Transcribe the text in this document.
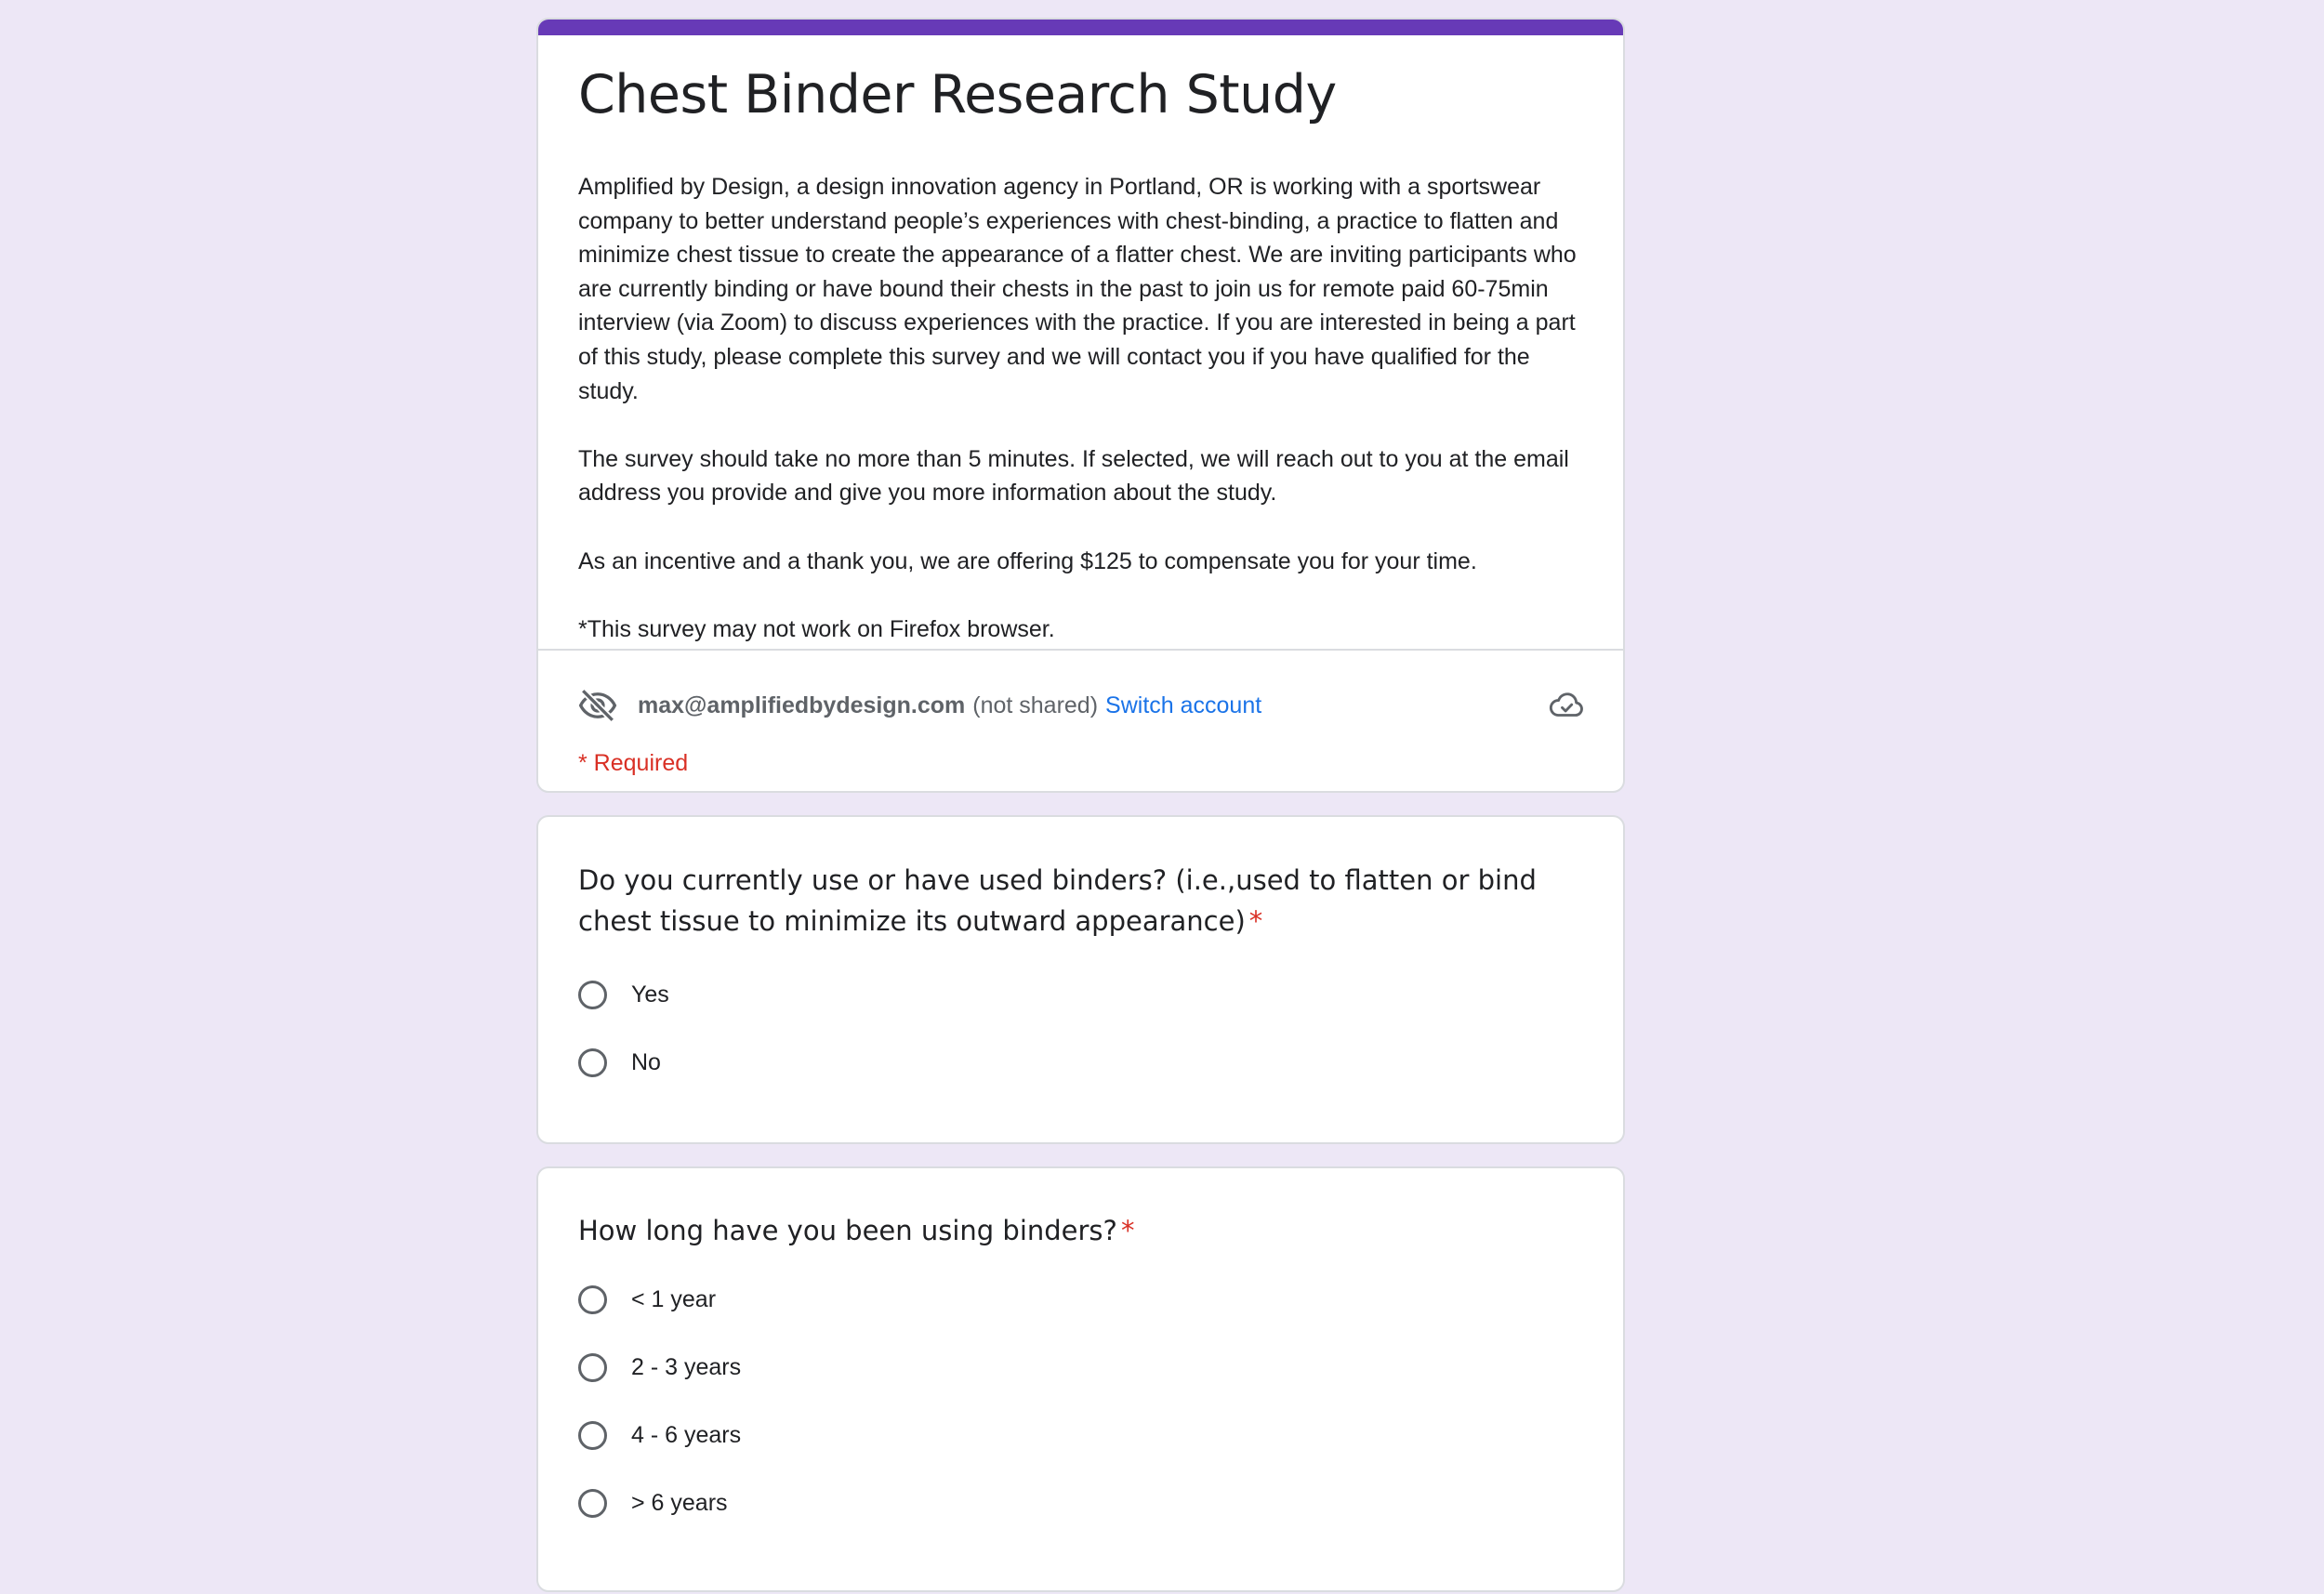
Chest Binder Research Study

Amplified by Design, a design innovation agency in Portland, OR is working with a sportswear company to better understand people’s experiences with chest-binding, a practice to flatten and minimize chest tissue to create the appearance of a flatter chest. We are inviting participants who are currently binding or have bound their chests in the past to join us for remote paid 60-75min interview (via Zoom) to discuss experiences with the practice. If you are interested in being a part of this study, please complete this survey and we will contact you if you have qualified for the study.

The survey should take no more than 5 minutes. If selected, we will reach out to you at the email address you provide and give you more information about the study.

As an incentive and a thank you, we are offering $125 to compensate you for your time.

*This survey may not work on Firefox browser.

max@amplifiedbydesign.com (not shared) Switch account
* Required
Do you currently use or have used binders? (i.e.,used to flatten or bind chest tissue to minimize its outward appearance) *
Yes
No
How long have you been using binders? *
< 1 year
2 - 3 years
4 - 6 years
> 6 years
